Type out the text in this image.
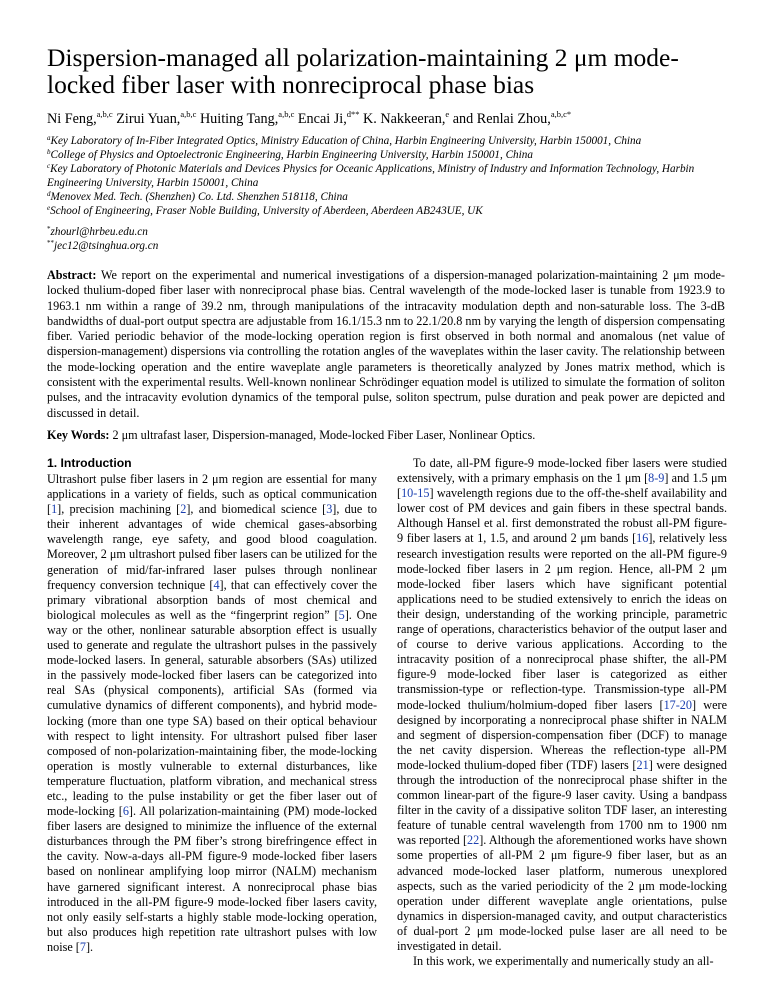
Dispersion-managed all polarization-maintaining 2 μm mode-locked fiber laser with nonreciprocal phase bias
Ni Feng,$^{a,b,c}$ Zirui Yuan,$^{a,b,c}$ Huiting Tang,$^{a,b,c}$ Encai Ji,$^{d**}$ K. Nakkeeran,$^e$ and Renlai Zhou,$^{a,b,c*}$
$^a$Key Laboratory of In-Fiber Integrated Optics, Ministry Education of China, Harbin Engineering University, Harbin 150001, China
$^b$College of Physics and Optoelectronic Engineering, Harbin Engineering University, Harbin 150001, China
$^c$Key Laboratory of Photonic Materials and Devices Physics for Oceanic Applications, Ministry of Industry and Information Technology, Harbin Engineering University, Harbin 150001, China
$^d$Menovex Med. Tech. (Shenzhen) Co. Ltd. Shenzhen 518118, China
$^e$School of Engineering, Fraser Noble Building, University of Aberdeen, Aberdeen AB243UE, UK
*zhourl@hrbeu.edu.cn
**jec12@tsinghua.org.cn

Abstract: We report on the experimental and numerical investigations of a dispersion-managed polarization-maintaining 2 μm mode-locked thulium-doped fiber laser with nonreciprocal phase bias. Central wavelength of the mode-locked laser is tunable from 1923.9 to 1963.1 nm within a range of 39.2 nm, through manipulations of the intracavity modulation depth and non-saturable loss. The 3-dB bandwidths of dual-port output spectra are adjustable from 16.1/15.3 nm to 22.1/20.8 nm by varying the length of dispersion compensating fiber. Varied periodic behavior of the mode-locking operation region is first observed in both normal and anomalous (net value of dispersion-management) dispersions via controlling the rotation angles of the waveplates within the laser cavity. The relationship between the mode-locking operation and the entire waveplate angle parameters is theoretically analyzed by Jones matrix method, which is consistent with the experimental results. Well-known nonlinear Schrödinger equation model is utilized to simulate the formation of soliton pulses, and the intracavity evolution dynamics of the temporal pulse, soliton spectrum, pulse duration and peak power are depicted and discussed in detail.

Key Words: 2 μm ultrafast laser, Dispersion-managed, Mode-locked Fiber Laser, Nonlinear Optics.

1. Introduction

Ultrashort pulse fiber lasers in 2 μm region are essential for many applications in a variety of fields, such as optical communication [1], precision machining [2], and biomedical science [3], due to their inherent advantages of wide chemical gases-absorbing wavelength range, eye safety, and good blood coagulation. Moreover, 2 μm ultrashort pulsed fiber lasers can be utilized for the generation of mid/far-infrared laser pulses through nonlinear frequency conversion technique [4], that can effectively cover the primary vibrational absorption bands of most chemical and biological molecules as well as the “fingerprint region” [5]. One way or the other, nonlinear saturable absorption effect is usually used to generate and regulate the ultrashort pulses in the passively mode-locked lasers. In general, saturable absorbers (SAs) utilized in the passively mode-locked fiber lasers can be categorized into real SAs (physical components), artificial SAs (formed via cumulative dynamics of different components), and hybrid mode-locking (more than one type SA) based on their optical behaviour with respect to light intensity. For ultrashort pulsed fiber laser composed of non-polarization-maintaining fiber, the mode-locking operation is mostly vulnerable to external disturbances, like temperature fluctuation, platform vibration, and mechanical stress etc., leading to the pulse instability or get the fiber laser out of mode-locking [6]. All polarization-maintaining (PM) mode-locked fiber lasers are designed to minimize the influence of the external disturbances through the PM fiber’s strong birefringence effect in the cavity. Now-a-days all-PM figure-9 mode-locked fiber lasers based on nonlinear amplifying loop mirror (NALM) mechanism have garnered significant interest. A nonreciprocal phase bias introduced in the all-PM figure-9 mode-locked fiber lasers cavity, not only easily self-starts a highly stable mode-locking operation, but also produces high repetition rate ultrashort pulses with low noise [7].

To date, all-PM figure-9 mode-locked fiber lasers were studied extensively, with a primary emphasis on the 1 μm [8-9] and 1.5 μm [10-15] wavelength regions due to the off-the-shelf availability and lower cost of PM devices and gain fibers in these spectral bands. Although Hansel et al. first demonstrated the robust all-PM figure-9 fiber lasers at 1, 1.5, and around 2 μm bands [16], relatively less research investigation results were reported on the all-PM figure-9 mode-locked fiber lasers in 2 μm region. Hence, all-PM 2 μm mode-locked fiber lasers which have significant potential applications need to be studied extensively to enrich the ideas on their design, understanding of the working principle, parametric range of operations, characteristics behavior of the output laser and of course to derive various applications. According to the intracavity position of a nonreciprocal phase shifter, the all-PM figure-9 mode-locked fiber laser is categorized as either transmission-type or reflection-type. Transmission-type all-PM mode-locked thulium/holmium-doped fiber lasers [17-20] were designed by incorporating a nonreciprocal phase shifter in NALM and segment of dispersion-compensation fiber (DCF) to manage the net cavity dispersion. Whereas the reflection-type all-PM mode-locked thulium-doped fiber (TDF) lasers [21] were designed through the introduction of the nonreciprocal phase shifter in the common linear-part of the figure-9 laser cavity. Using a bandpass filter in the cavity of a dissipative soliton TDF laser, an interesting feature of tunable central wavelength from 1700 nm to 1900 nm was reported [22]. Although the aforementioned works have shown some properties of all-PM 2 μm figure-9 fiber laser, but as an advanced mode-locked laser platform, numerous unexplored aspects, such as the varied periodicity of the 2 μm mode-locking operation under different waveplate angle orientations, pulse dynamics in dispersion-managed cavity, and output characteristics of dual-port 2 μm mode-locked pulse laser are all need to be investigated in detail.

In this work, we experimentally and numerically study an all-
